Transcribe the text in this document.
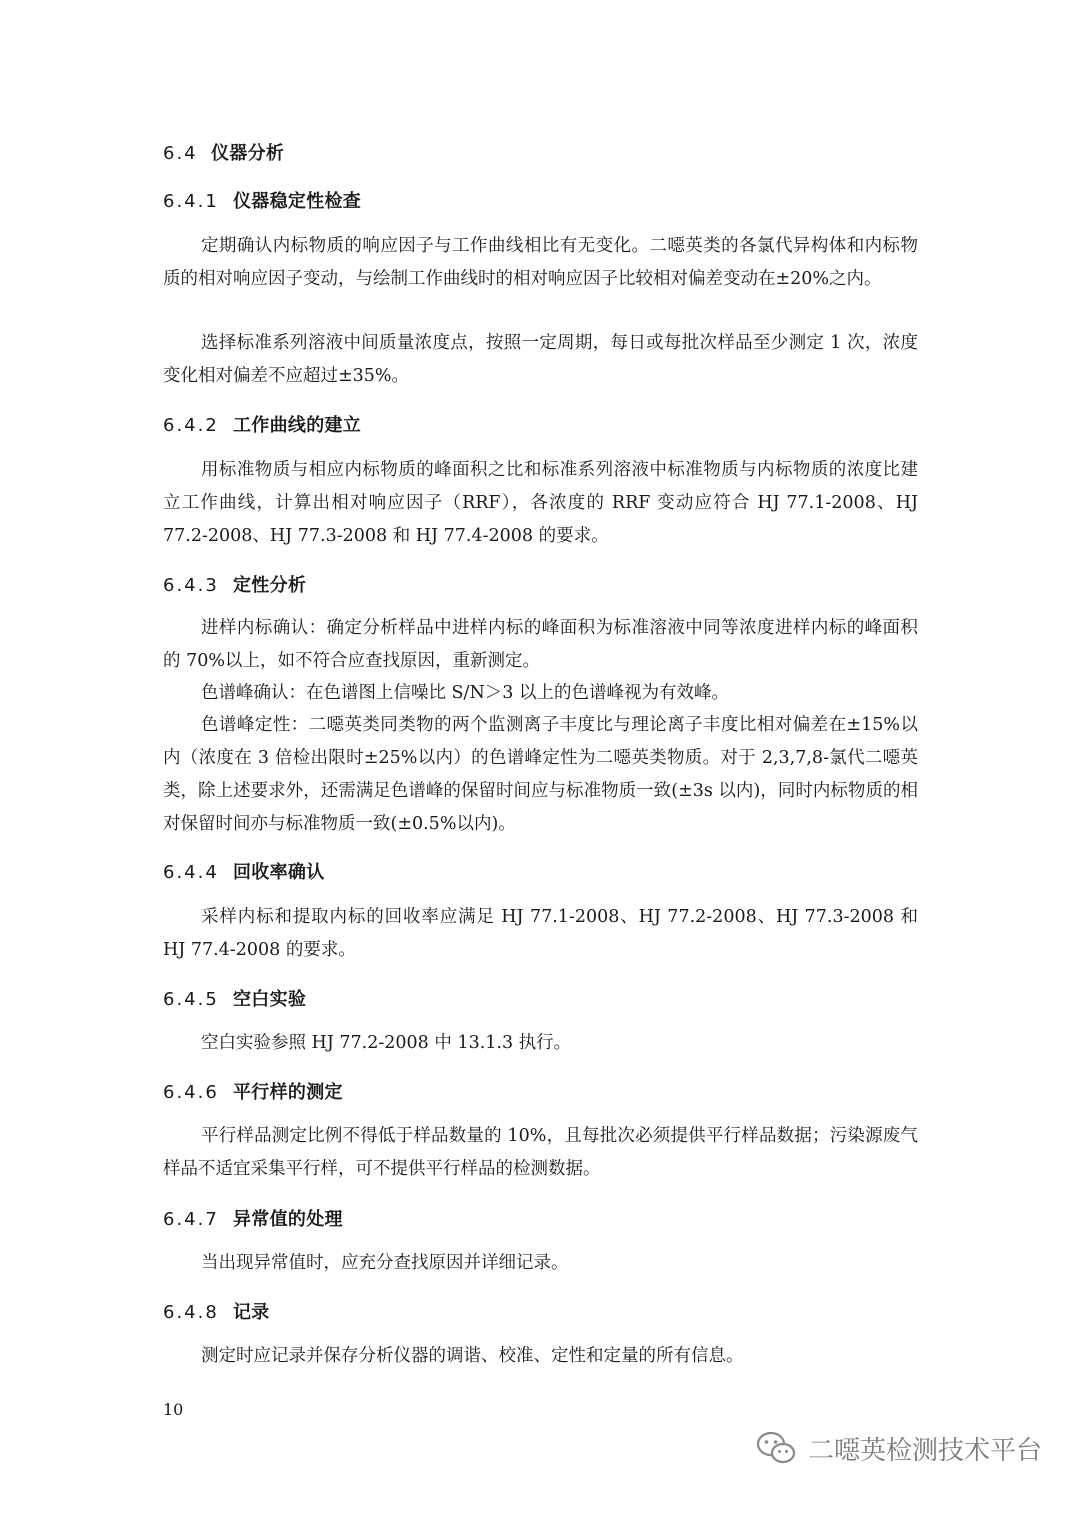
6.4 仪器分析
6.4.1 仪器稳定性检查
定期确认内标物质的响应因子与工作曲线相比有无变化。二噁英类的各氯代异构体和内标物质的相对响应因子变动，与绘制工作曲线时的相对响应因子比较相对偏差变动在±20%之内。
选择标准系列溶液中间质量浓度点，按照一定周期，每日或每批次样品至少测定 1 次，浓度变化相对偏差不应超过±35%。
6.4.2 工作曲线的建立
用标准物质与相应内标物质的峰面积之比和标准系列溶液中标准物质与内标物质的浓度比建立工作曲线，计算出相对响应因子（RRF），各浓度的 RRF 变动应符合 HJ 77.1-2008、HJ 77.2-2008、HJ 77.3-2008 和 HJ 77.4-2008 的要求。
6.4.3 定性分析
进样内标确认：确定分析样品中进样内标的峰面积为标准溶液中同等浓度进样内标的峰面积的 70%以上，如不符合应查找原因，重新测定。
色谱峰确认：在色谱图上信噪比 S/N＞3 以上的色谱峰视为有效峰。
色谱峰定性：二噁英类同类物的两个监测离子丰度比与理论离子丰度比相对偏差在±15%以内（浓度在 3 倍检出限时±25%以内）的色谱峰定性为二噁英类物质。对于 2,3,7,8-氯代二噁英类，除上述要求外，还需满足色谱峰的保留时间应与标准物质一致(±3s 以内)，同时内标物质的相对保留时间亦与标准物质一致(±0.5%以内)。
6.4.4 回收率确认
采样内标和提取内标的回收率应满足 HJ 77.1-2008、HJ 77.2-2008、HJ 77.3-2008 和 HJ 77.4-2008 的要求。
6.4.5 空白实验
空白实验参照 HJ 77.2-2008 中 13.1.3 执行。
6.4.6 平行样的测定
平行样品测定比例不得低于样品数量的 10%，且每批次必须提供平行样品数据；污染源废气样品不适宜采集平行样，可不提供平行样品的检测数据。
6.4.7 异常值的处理
当出现异常值时，应充分查找原因并详细记录。
6.4.8 记录
测定时应记录并保存分析仪器的调谐、校准、定性和定量的所有信息。
10
二噁英检测技术平台
